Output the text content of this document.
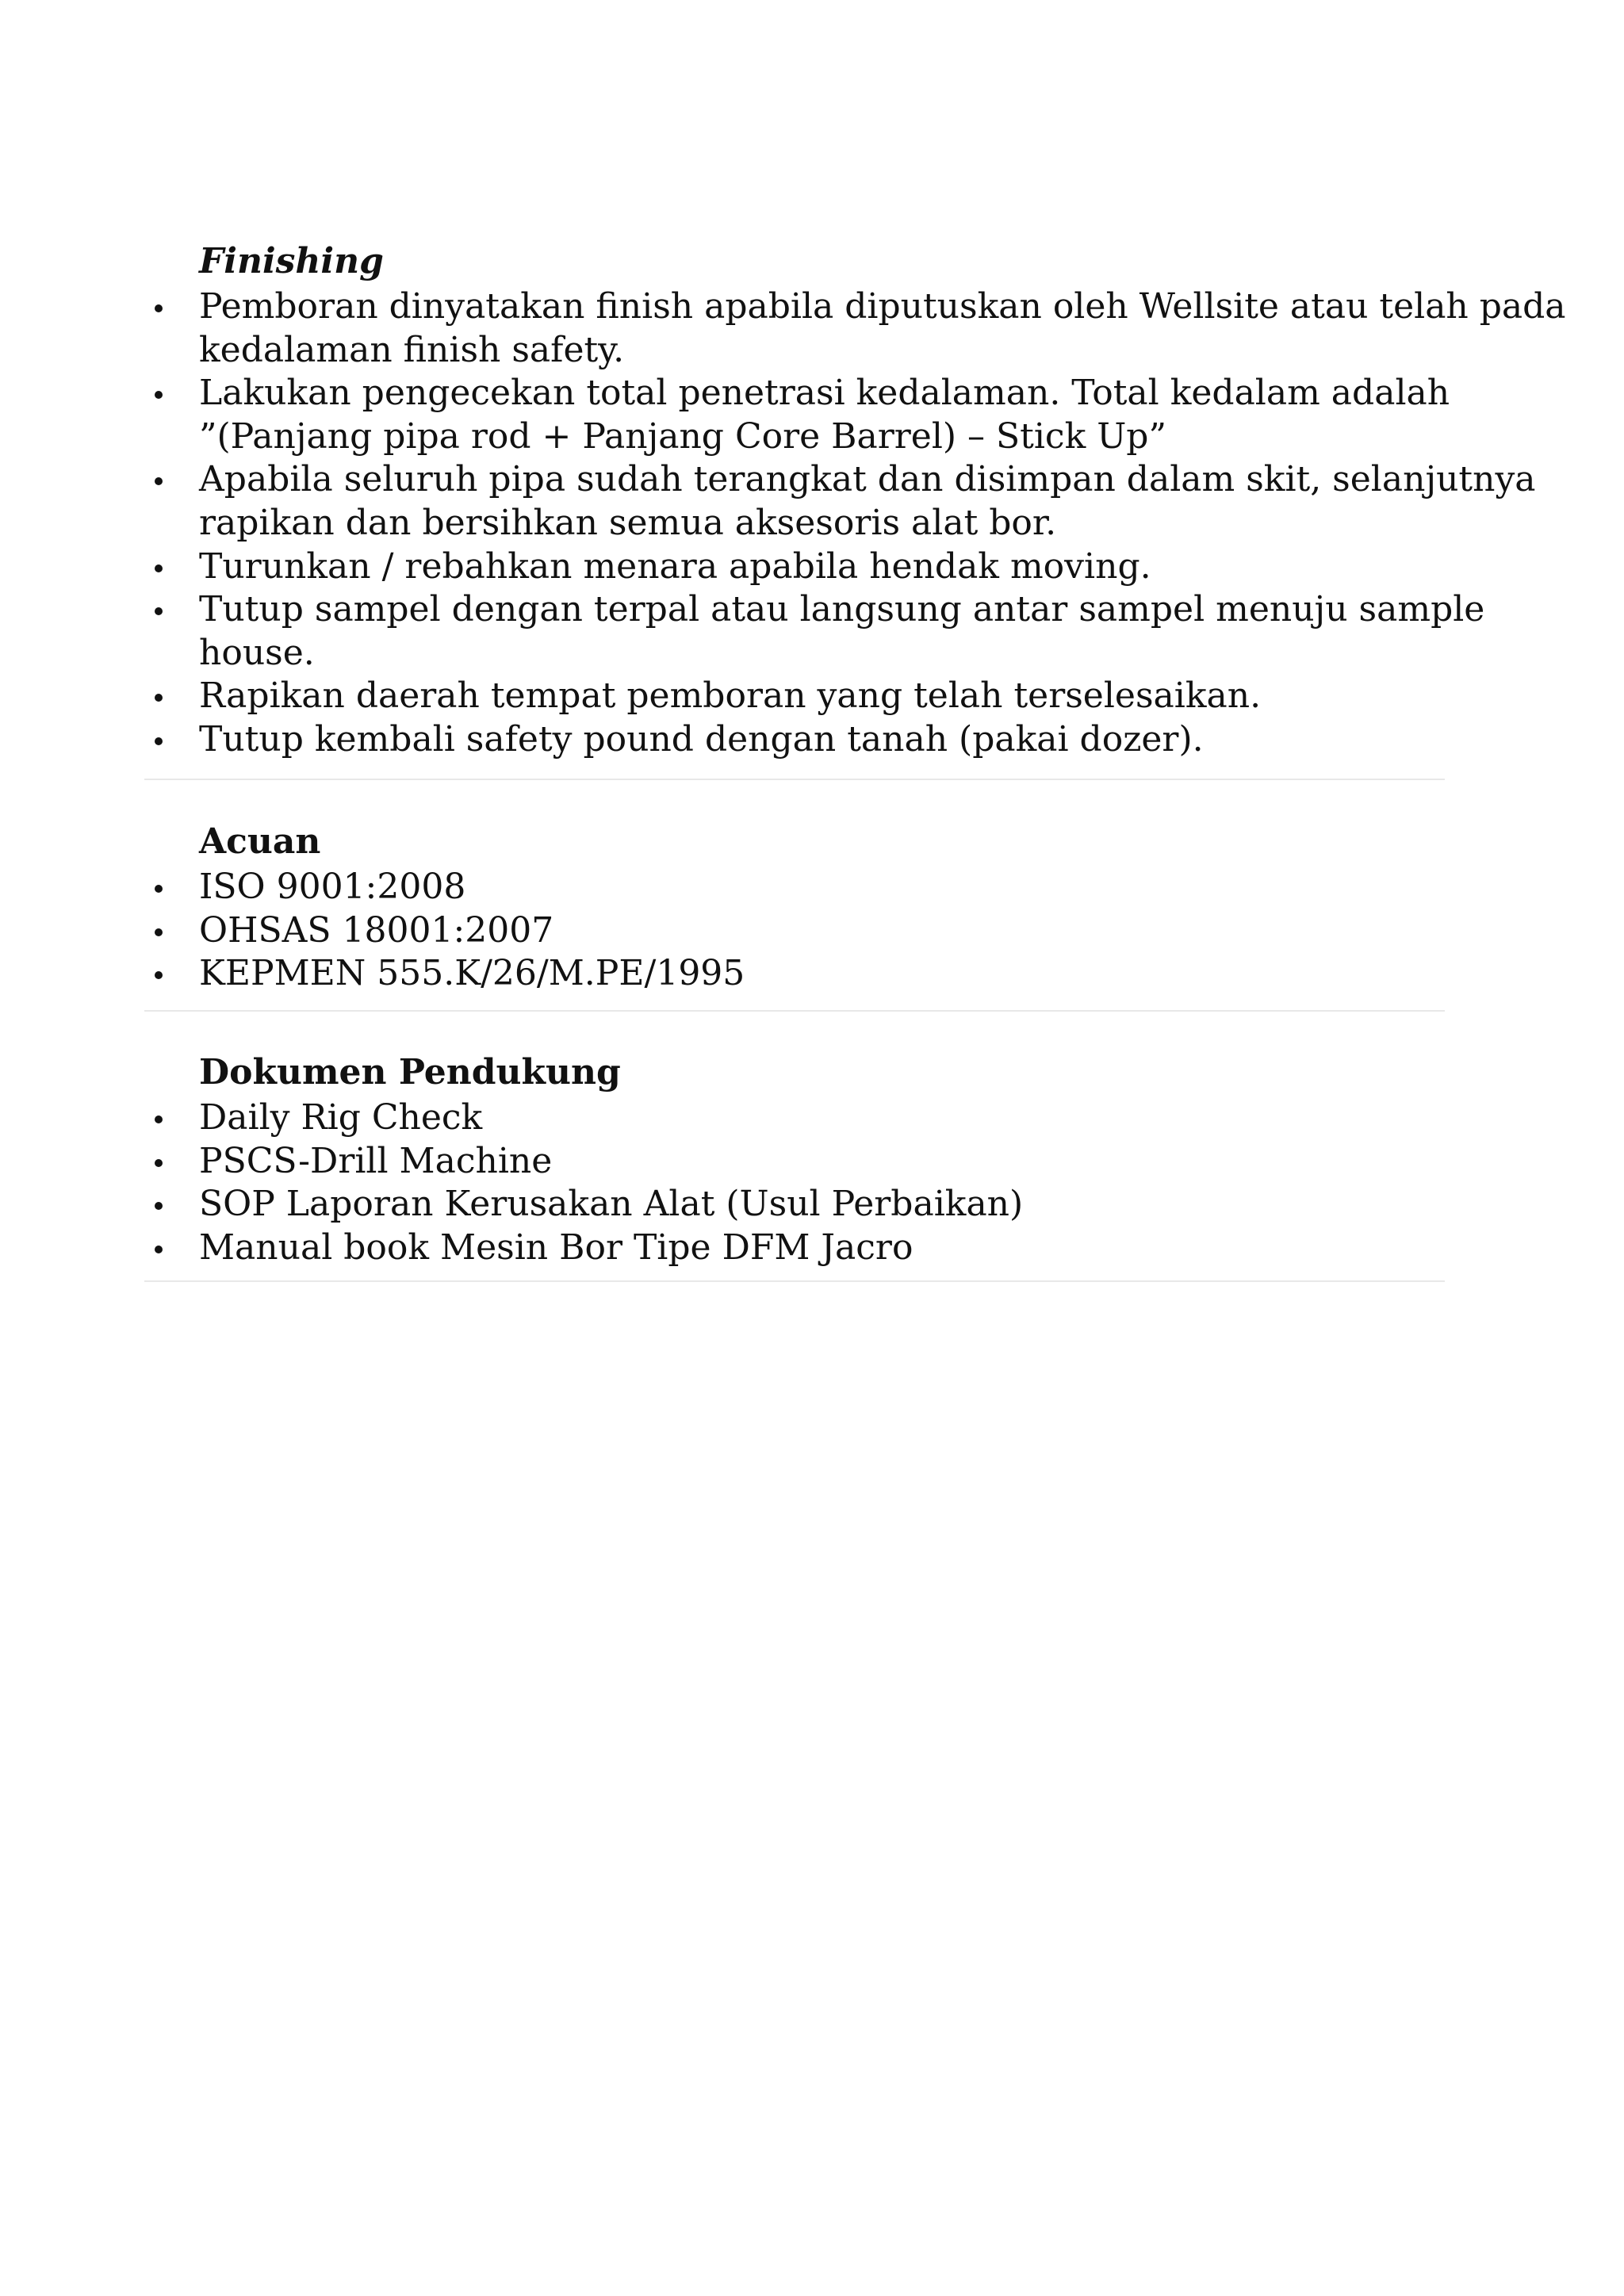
Finishing
Pemboran dinyatakan finish apabila diputuskan oleh Wellsite atau telah pada
kedalaman finish safety.
Lakukan pengecekan total penetrasi kedalaman. Total kedalam adalah
”(Panjang pipa rod + Panjang Core Barrel) – Stick Up”
Apabila seluruh pipa sudah terangkat dan disimpan dalam skit, selanjutnya
rapikan dan bersihkan semua aksesoris alat bor.
Turunkan / rebahkan menara apabila hendak moving.
Tutup sampel dengan terpal atau langsung antar sampel menuju sample
house.
Rapikan daerah tempat pemboran yang telah terselesaikan.
Tutup kembali safety pound dengan tanah (pakai dozer).
Acuan
ISO 9001:2008
OHSAS 18001:2007
KEPMEN 555.K/26/M.PE/1995
Dokumen Pendukung
Daily Rig Check
PSCS-Drill Machine
SOP Laporan Kerusakan Alat (Usul Perbaikan)
Manual book Mesin Bor Tipe DFM Jacro
